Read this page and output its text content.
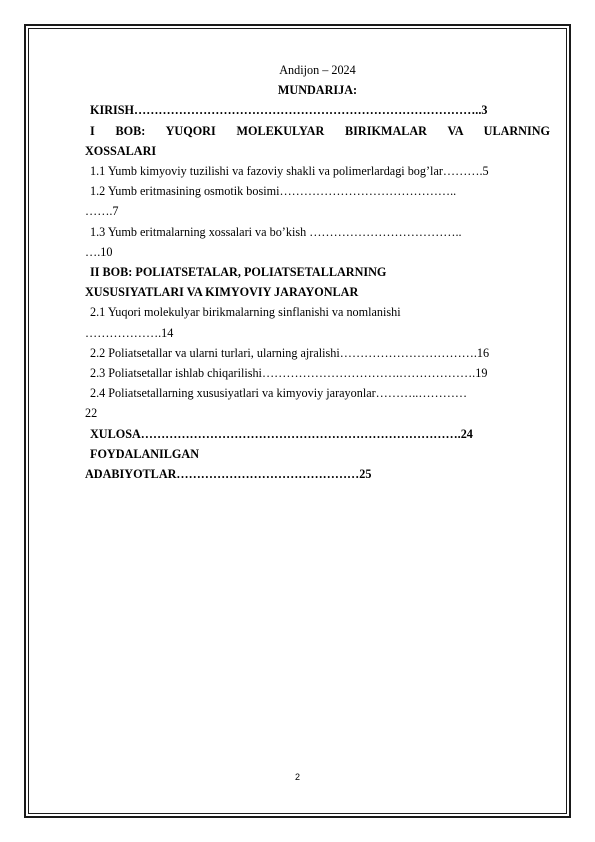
Andijon – 2024
MUNDARIJA:
KIRISH…………………………………………………………………………..3
I BOB: YUQORI MOLEKULYAR BIRIKMALAR VA ULARNING
XOSSALARI
1.1 Yumb kimyoviy tuzilishi va fazoviy shakli va polimerlardagi bog’lar……….5
1.2 Yumb eritmasining osmotik bosimi……………………………………..
…….7
1.3 Yumb eritmalarning xossalari va bo’kish ………………………………..
….10
II BOB: POLIATSETALAR, POLIATSETALLARNING
XUSUSIYATLARI VA KIMYOVIY JARAYONLAR
2.1 Yuqori molekulyar birikmalarning sinflanishi va nomlanishi
……………….14
2.2 Poliatsetallar va ularni turlari, ularning ajralishi…………………………….16
2.3 Poliatsetallar ishlab chiqarilishi…………………………….……………….19
2.4 Poliatsetallarning xususiyatlari va kimyoviy jarayonlar………..…………
22
XULOSA…………………………………………………………………….24
FOYDALANILGAN
ADABIYOTLAR………………………………………25
2
